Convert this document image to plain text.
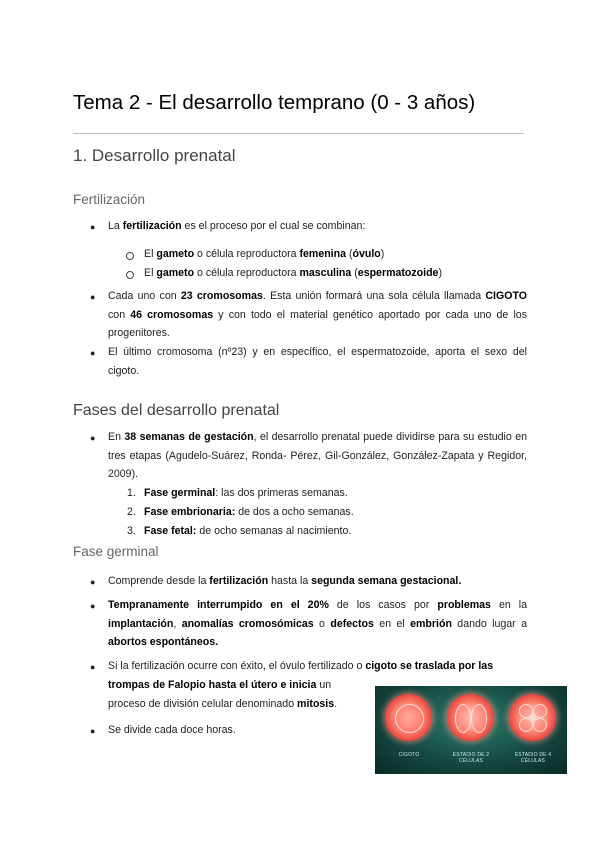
Tema 2 - El desarrollo temprano (0 - 3 años)
1. Desarrollo prenatal
Fertilización
● La fertilización es el proceso por el cual se combinan:
El gameto o célula reproductora femenina (óvulo)
El gameto o célula reproductora masculina (espermatozoide)
● Cada uno con 23 cromosomas. Esta unión formará una sola célula llamada CIGOTO con 46 cromosomas y con todo el material genético aportado por cada uno de los progenitores.
● El último cromosoma (nº23) y en específico, el espermatozoide, aporta el sexo del cigoto.
Fases del desarrollo prenatal
● En 38 semanas de gestación, el desarrollo prenatal puede dividirse para su estudio en tres etapas (Agudelo-Suárez, Ronda- Pérez, Gil-González, González-Zapata y Regidor, 2009).
1. Fase germinal: las dos primeras semanas.
2. Fase embrionaria: de dos a ocho semanas.
3. Fase fetal: de ocho semanas al nacimiento.
Fase germinal
● Comprende desde la fertilización hasta la segunda semana gestacional.
● Tempranamente interrumpido en el 20% de los casos por problemas en la implantación, anomalías cromosómicas o defectos en el embrión dando lugar a abortos espontáneos.
● Si la fertilización ocurre con éxito, el óvulo fertilizado o cigoto se traslada por las
trompas de Falopio hasta el útero e inicia un
proceso de división celular denominado mitosis.
● Se divide cada doce horas.
CIGOTO	ESTADIO DE 2 CÉLULAS
ESTADIO DE 4 CÉLULAS
